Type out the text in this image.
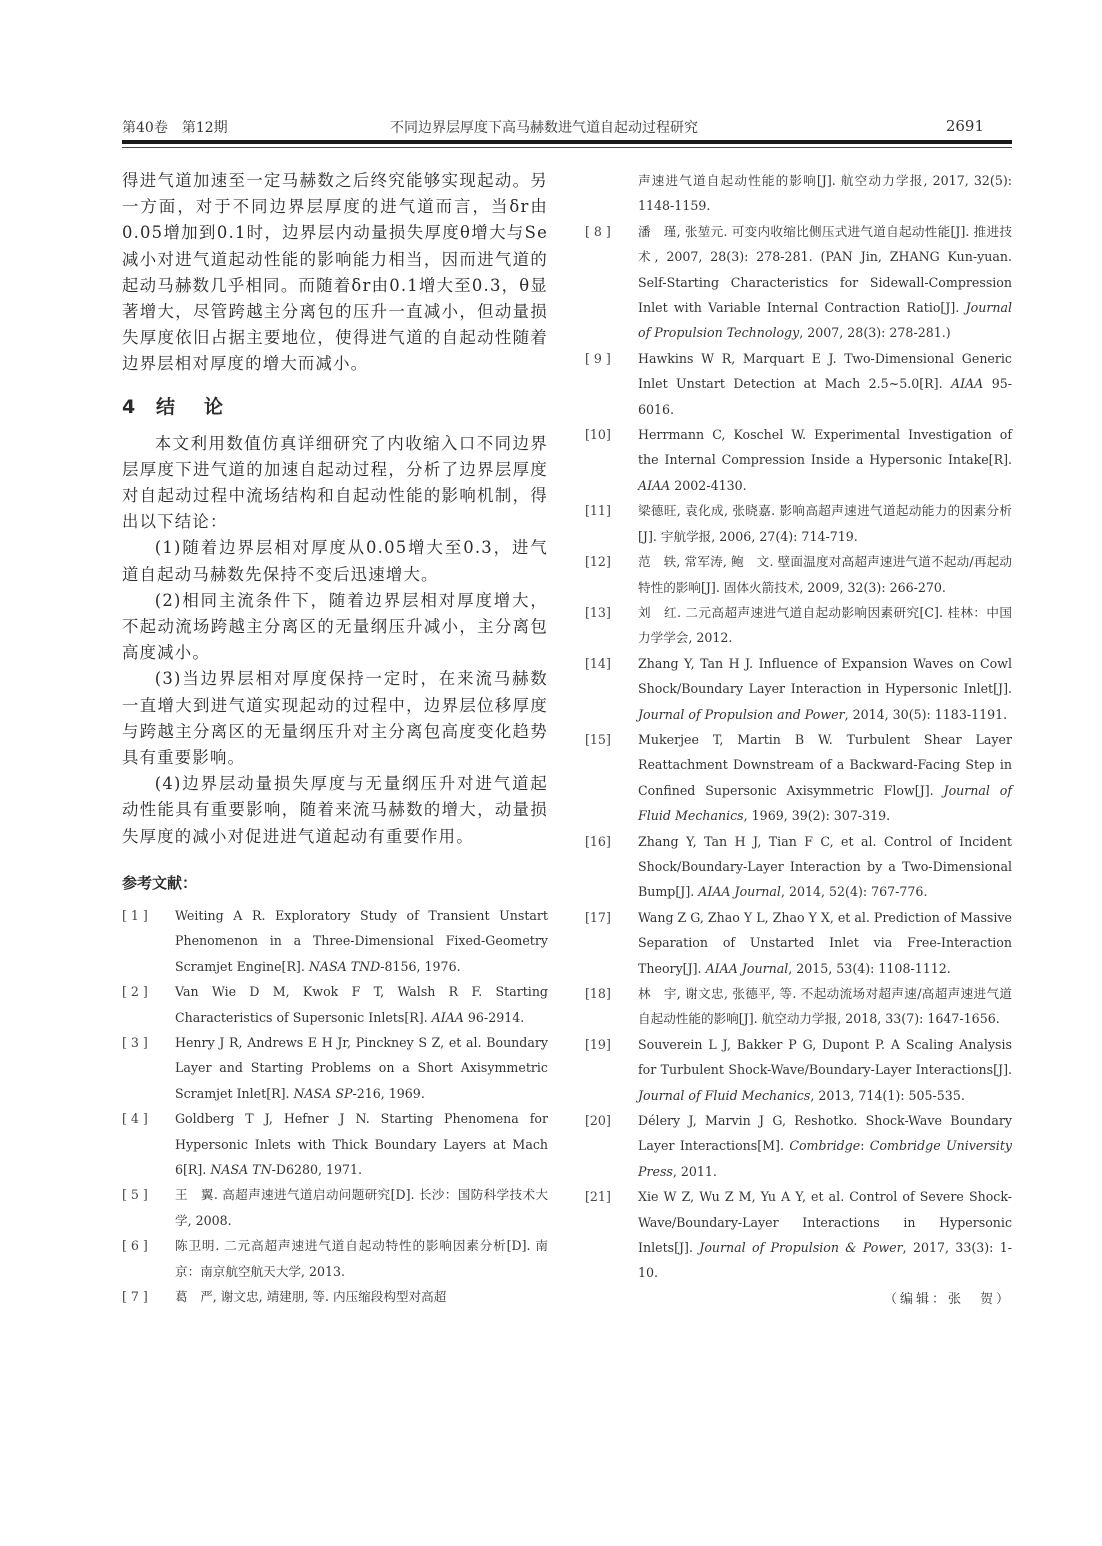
第40卷　第12期	不同边界层厚度下高马赫数进气道自起动过程研究	2691

得进气道加速至一定马赫数之后终究能够实现起动。另一方面，对于不同边界层厚度的进气道而言，当δr由0.05增加到0.1时，边界层内动量损失厚度θ增大与Se减小对进气道起动性能的影响能力相当，因而进气道的起动马赫数几乎相同。而随着δr由0.1增大至0.3，θ显著增大，尽管跨越主分离包的压升一直减小，但动量损失厚度依旧占据主要地位，使得进气道的自起动性随着边界层相对厚度的增大而减小。

4 结 论

本文利用数值仿真详细研究了内收缩入口不同边界层厚度下进气道的加速自起动过程，分析了边界层厚度对自起动过程中流场结构和自起动性能的影响机制，得出以下结论：

(1)随着边界层相对厚度从0.05增大至0.3，进气道自起动马赫数先保持不变后迅速增大。

(2)相同主流条件下，随着边界层相对厚度增大，不起动流场跨越主分离区的无量纲压升减小，主分离包高度减小。

(3)当边界层相对厚度保持一定时，在来流马赫数一直增大到进气道实现起动的过程中，边界层位移厚度与跨越主分离区的无量纲压升对主分离包高度变化趋势具有重要影响。

(4)边界层动量损失厚度与无量纲压升对进气道起动性能具有重要影响，随着来流马赫数的增大，动量损失厚度的减小对促进进气道起动有重要作用。

参考文献：
[ 1 ]	Weiting A R. Exploratory Study of Transient Unstart Phenomenon in a Three-Dimensional Fixed-Geometry Scramjet Engine[R]. NASA TND-8156, 1976.
[ 2 ]	Van Wie D M, Kwok F T, Walsh R F. Starting Characteristics of Supersonic Inlets[R]. AIAA 96-2914.
[ 3 ]	Henry J R, Andrews E H Jr, Pinckney S Z, et al. Boundary Layer and Starting Problems on a Short Axisymmetric Scramjet Inlet[R]. NASA SP-216, 1969.
[ 4 ]	Goldberg T J, Hefner J N. Starting Phenomena for Hypersonic Inlets with Thick Boundary Layers at Mach 6[R]. NASA TN-D6280, 1971.
[ 5 ]	王　翼. 高超声速进气道启动问题研究[D]. 长沙：国防科学技术大学, 2008.
[ 6 ]	陈卫明. 二元高超声速进气道自起动特性的影响因素分析[D]. 南京：南京航空航天大学, 2013.
[ 7 ]	葛　严, 谢文忠, 靖建朋, 等. 内压缩段构型对高超
声速进气道自起动性能的影响[J]. 航空动力学报, 2017, 32(5): 1148-1159.
[ 8 ]	潘　瑾, 张堃元. 可变内收缩比侧压式进气道自起动性能[J]. 推进技术, 2007, 28(3): 278-281. (PAN Jin, ZHANG Kun-yuan. Self-Starting Characteristics for Sidewall-Compression Inlet with Variable Internal Contraction Ratio[J]. Journal of Propulsion Technology, 2007, 28(3): 278-281.)
[ 9 ]	Hawkins W R, Marquart E J. Two-Dimensional Generic Inlet Unstart Detection at Mach 2.5~5.0[R]. AIAA 95-6016.
[10]	Herrmann C, Koschel W. Experimental Investigation of the Internal Compression Inside a Hypersonic Intake[R]. AIAA 2002-4130.
[11]	梁德旺, 袁化成, 张晓嘉. 影响高超声速进气道起动能力的因素分析[J]. 宇航学报, 2006, 27(4): 714-719.
[12]	范　轶, 常军涛, 鲍　文. 壁面温度对高超声速进气道不起动/再起动特性的影响[J]. 固体火箭技术, 2009, 32(3): 266-270.
[13]	刘　红. 二元高超声速进气道自起动影响因素研究[C]. 桂林：中国力学学会, 2012.
[14]	Zhang Y, Tan H J. Influence of Expansion Waves on Cowl Shock/Boundary Layer Interaction in Hypersonic Inlet[J]. Journal of Propulsion and Power, 2014, 30(5): 1183-1191.
[15]	Mukerjee T, Martin B W. Turbulent Shear Layer Reattachment Downstream of a Backward-Facing Step in Confined Supersonic Axisymmetric Flow[J]. Journal of Fluid Mechanics, 1969, 39(2): 307-319.
[16]	Zhang Y, Tan H J, Tian F C, et al. Control of Incident Shock/Boundary-Layer Interaction by a Two-Dimensional Bump[J]. AIAA Journal, 2014, 52(4): 767-776.
[17]	Wang Z G, Zhao Y L, Zhao Y X, et al. Prediction of Massive Separation of Unstarted Inlet via Free-Interaction Theory[J]. AIAA Journal, 2015, 53(4): 1108-1112.
[18]	林　宇, 谢文忠, 张德平, 等. 不起动流场对超声速/高超声速进气道自起动性能的影响[J]. 航空动力学报, 2018, 33(7): 1647-1656.
[19]	Souverein L J, Bakker P G, Dupont P. A Scaling Analysis for Turbulent Shock-Wave/Boundary-Layer Interactions[J]. Journal of Fluid Mechanics, 2013, 714(1): 505-535.
[20]	Délery J, Marvin J G, Reshotko. Shock-Wave Boundary Layer Interactions[M]. Combridge: Combridge University Press, 2011.
[21]	Xie W Z, Wu Z M, Yu A Y, et al. Control of Severe Shock-Wave/Boundary-Layer Interactions in Hypersonic Inlets[J]. Journal of Propulsion & Power, 2017, 33(3): 1-10.
（编辑：张　贺）
